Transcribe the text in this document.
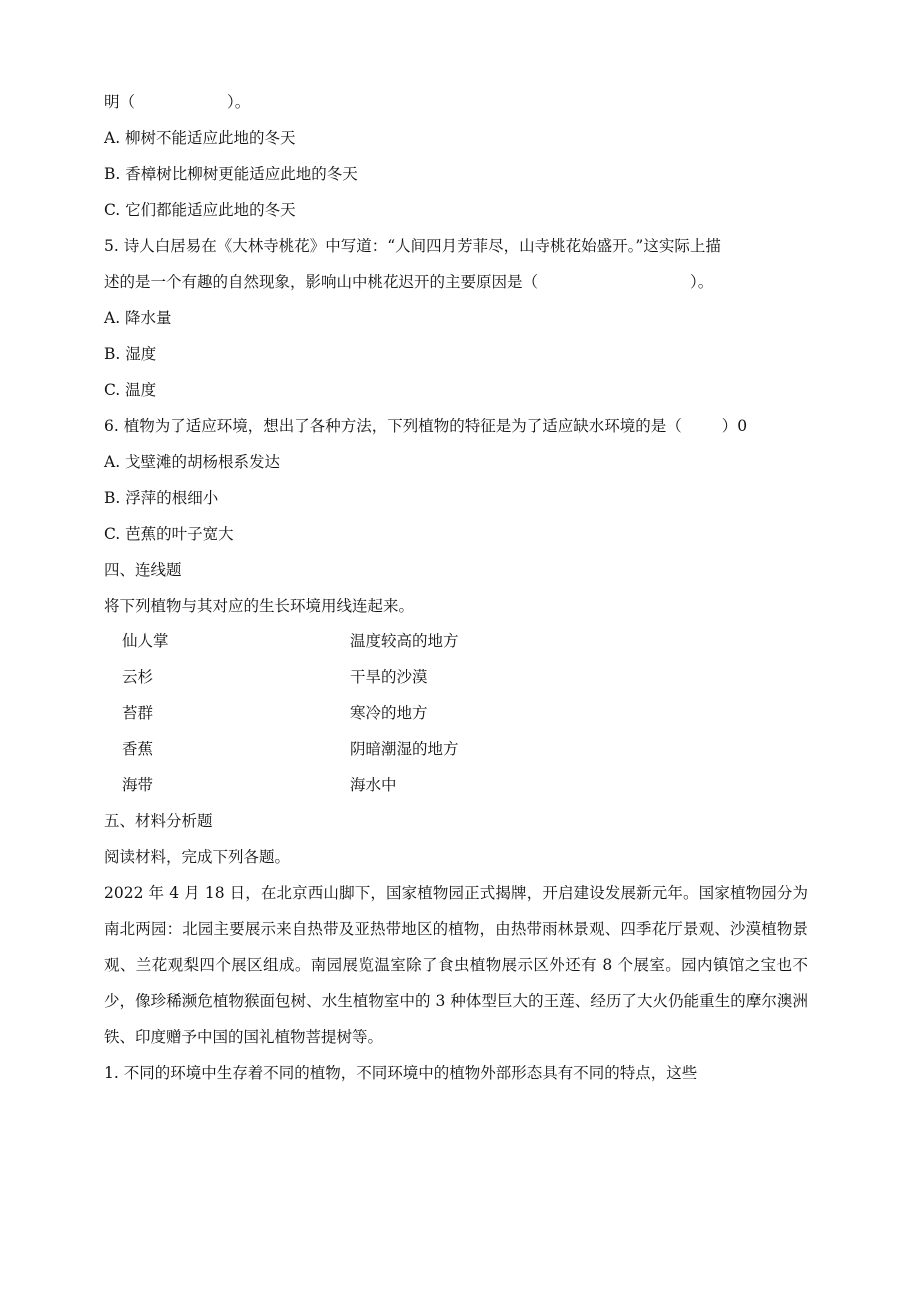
明（	）。
A. 柳树不能适应此地的冬天
B. 香樟树比柳树更能适应此地的冬天
C. 它们都能适应此地的冬天
5. 诗人白居易在《大林寺桃花》中写道：“人间四月芳菲尽，山寺桃花始盛开。”这实际上描
述的是一个有趣的自然现象，影响山中桃花迟开的主要原因是（	）。
A. 降水量
B. 湿度
C. 温度
6. 植物为了适应环境，想出了各种方法，下列植物的特征是为了适应缺水环境的是（	）0
A. 戈壁滩的胡杨根系发达
B. 浮萍的根细小
C. 芭蕉的叶子宽大
四、连线题
将下列植物与其对应的生长环境用线连起来。
仙人掌	温度较高的地方
云杉	干旱的沙漠
苔群	寒冷的地方
香蕉	阴暗潮湿的地方
海带	海水中
五、材料分析题
阅读材料，完成下列各题。
2022 年 4 月 18 日，在北京西山脚下，国家植物园正式揭牌，开启建设发展新元年。国家植物园分为南北两园：北园主要展示来自热带及亚热带地区的植物，由热带雨林景观、四季花厅景观、沙漠植物景观、兰花观梨四个展区组成。南园展览温室除了食虫植物展示区外还有 8 个展室。园内镇馆之宝也不少，像珍稀濒危植物猴面包树、水生植物室中的 3 种体型巨大的王莲、经历了大火仍能重生的摩尔澳洲铁、印度赠予中国的国礼植物菩提树等。
1. 不同的环境中生存着不同的植物，不同环境中的植物外部形态具有不同的特点，这些
